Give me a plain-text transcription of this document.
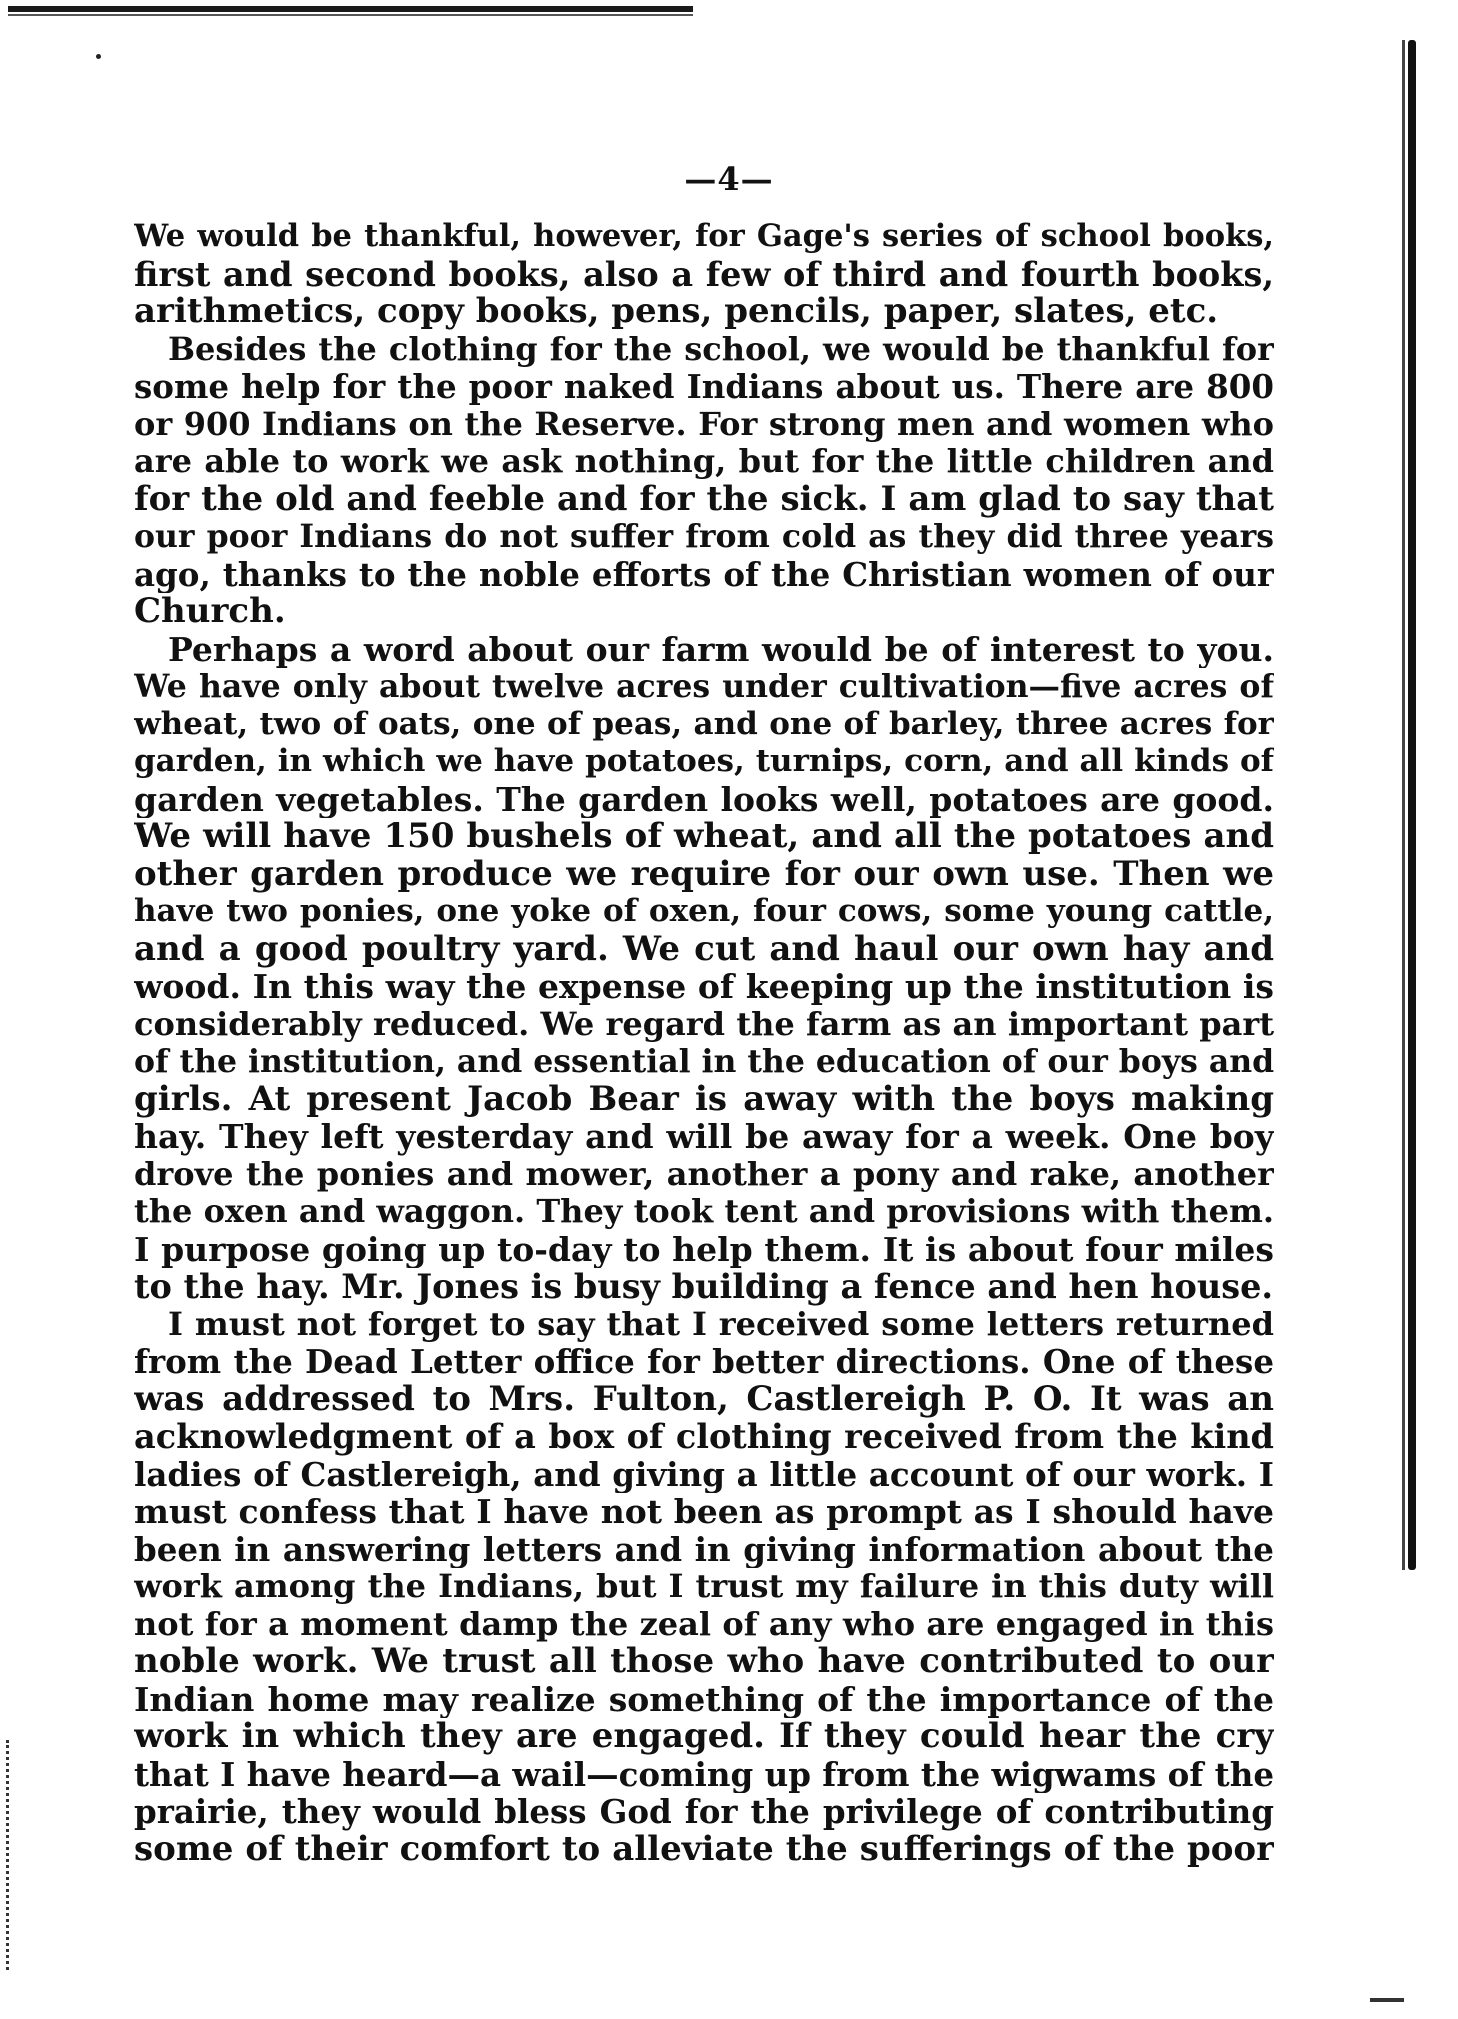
—4—
We would be thankful, however, for Gage's series of school books,
first and second books, also a few of third and fourth books,
arithmetics, copy books, pens, pencils, paper, slates, etc.
Besides the clothing for the school, we would be thankful for
some help for the poor naked Indians about us. There are 800
or 900 Indians on the Reserve. For strong men and women who
are able to work we ask nothing, but for the little children and
for the old and feeble and for the sick. I am glad to say that
our poor Indians do not suffer from cold as they did three years
ago, thanks to the noble efforts of the Christian women of our
Church.
Perhaps a word about our farm would be of interest to you.
We have only about twelve acres under cultivation—five acres of
wheat, two of oats, one of peas, and one of barley, three acres for
garden, in which we have potatoes, turnips, corn, and all kinds of
garden vegetables. The garden looks well, potatoes are good.
We will have 150 bushels of wheat, and all the potatoes and
other garden produce we require for our own use. Then we
have two ponies, one yoke of oxen, four cows, some young cattle,
and a good poultry yard. We cut and haul our own hay and
wood. In this way the expense of keeping up the institution is
considerably reduced. We regard the farm as an important part
of the institution, and essential in the education of our boys and
girls. At present Jacob Bear is away with the boys making
hay. They left yesterday and will be away for a week. One boy
drove the ponies and mower, another a pony and rake, another
the oxen and waggon. They took tent and provisions with them.
I purpose going up to-day to help them. It is about four miles
to the hay. Mr. Jones is busy building a fence and hen house.
I must not forget to say that I received some letters returned
from the Dead Letter office for better directions. One of these
was addressed to Mrs. Fulton, Castlereigh P. O. It was an
acknowledgment of a box of clothing received from the kind
ladies of Castlereigh, and giving a little account of our work. I
must confess that I have not been as prompt as I should have
been in answering letters and in giving information about the
work among the Indians, but I trust my failure in this duty will
not for a moment damp the zeal of any who are engaged in this
noble work. We trust all those who have contributed to our
Indian home may realize something of the importance of the
work in which they are engaged. If they could hear the cry
that I have heard—a wail—coming up from the wigwams of the
prairie, they would bless God for the privilege of contributing
some of their comfort to alleviate the sufferings of the poor
